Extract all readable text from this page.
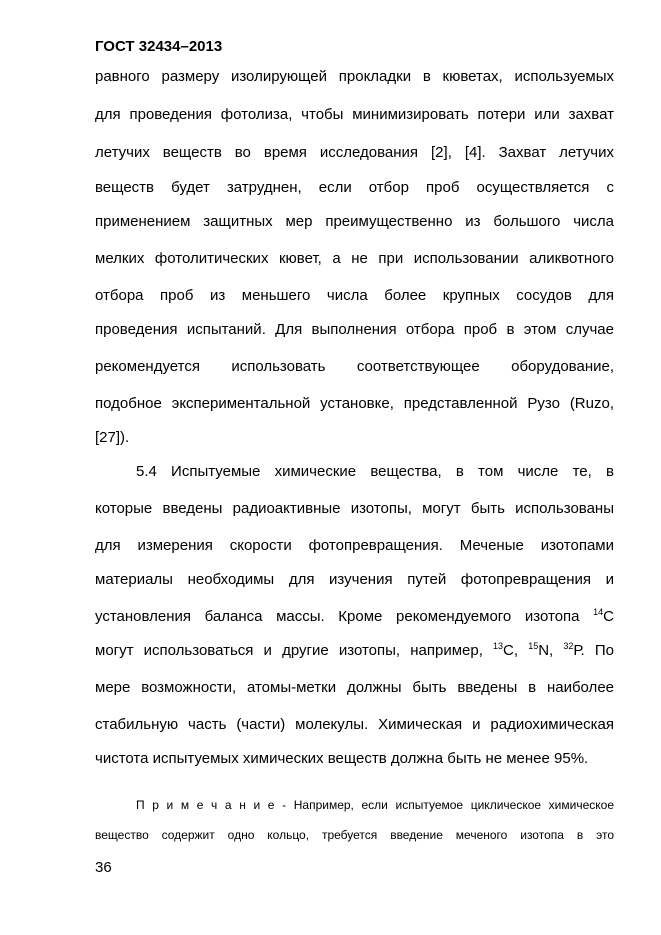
ГОСТ 32434–2013
равного размеру изолирующей прокладки в кюветах, используемых
для проведения фотолиза, чтобы минимизировать потери или захват
летучих веществ во время исследования [2], [4]. Захват летучих
веществ будет затруднен, если отбор проб осуществляется с
применением защитных мер преимущественно из большого числа
мелких фотолитических кювет, а не при использовании аликвотного
отбора проб из меньшего числа более крупных сосудов для
проведения испытаний. Для выполнения отбора проб в этом случае
рекомендуется использовать соответствующее оборудование,
подобное экспериментальной установке, представленной Рузо (Ruzo,
[27]).
5.4 Испытуемые химические вещества, в том числе те, в
которые введены радиоактивные изотопы, могут быть использованы
для измерения скорости фотопревращения. Меченые изотопами
материалы необходимы для изучения путей фотопревращения и
установления баланса массы. Кроме рекомендуемого изотопа $^{14}$С
могут использоваться и другие изотопы, например, $^{13}$С, $^{15}$N, $^{32}$Р. По
мере возможности, атомы-метки должны быть введены в наиболее
стабильную часть (части) молекулы. Химическая и радиохимическая
чистота испытуемых химических веществ должна быть не менее 95%.
П р и м е ч а н и е - Например, если испытуемое циклическое химическое
вещество содержит одно кольцо, требуется введение меченого изотопа в это
36
